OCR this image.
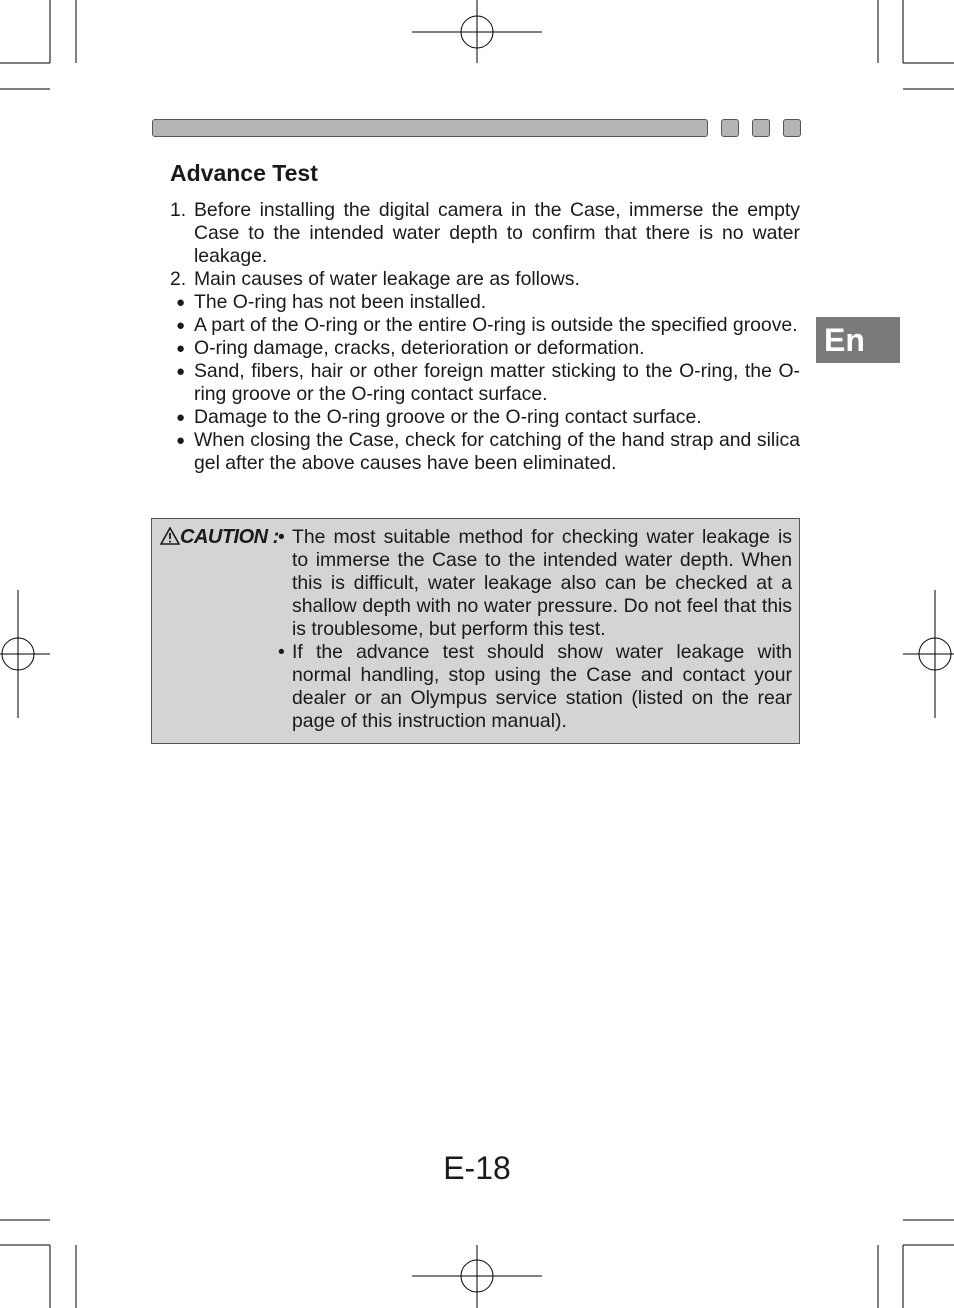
En
Advance Test
1. Before installing the digital camera in the Case, immerse the empty Case to the intended water depth to confirm that there is no water leakage.
2. Main causes of water leakage are as follows.
● The O-ring has not been installed.
● A part of the O-ring or the entire O-ring is outside the specified groove.
● O-ring damage, cracks, deterioration or deformation.
● Sand, fibers, hair or other foreign matter sticking to the O-ring, the O-ring groove or the O-ring contact surface.
● Damage to the O-ring groove or the O-ring contact surface.
● When closing the Case, check for catching of the hand strap and silica gel after the above causes have been eliminated.
CAUTION : • The most suitable method for checking water leakage is to immerse the Case to the intended water depth. When this is difficult, water leakage also can be checked at a shallow depth with no water pressure. Do not feel that this is troublesome, but perform this test.
• If the advance test should show water leakage with normal handling, stop using the Case and contact your dealer or an Olympus service station (listed on the rear page of this instruction manual).

E-18
